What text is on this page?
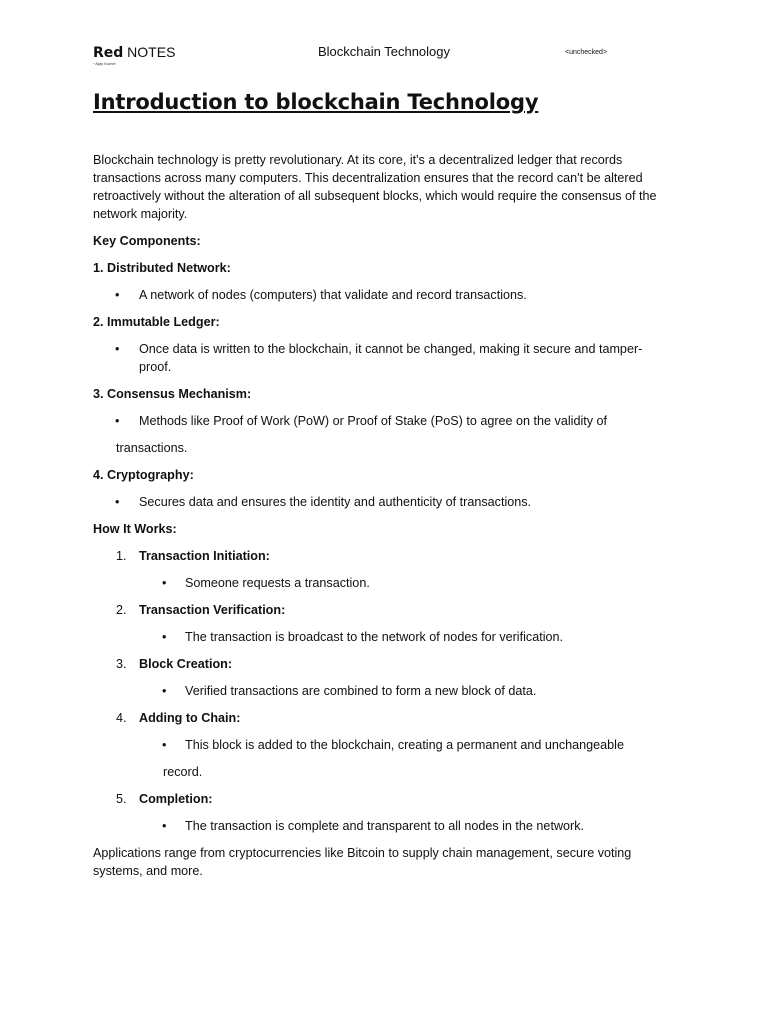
Red NOTES
~Ajay Kumel
Blockchain Technology	<unchecked>
Introduction to blockchain Technology

Blockchain technology is pretty revolutionary. At its core, it's a decentralized ledger that records transactions across many computers. This decentralization ensures that the record can't be altered retroactively without the alteration of all subsequent blocks, which would require the consensus of the network majority.

Key Components:

1. Distributed Network:

• A network of nodes (computers) that validate and record transactions.

2. Immutable Ledger:

• Once data is written to the blockchain, it cannot be changed, making it secure and tamper-proof.

3. Consensus Mechanism:

• Methods like Proof of Work (PoW) or Proof of Stake (PoS) to agree on the validity of

transactions.

4. Cryptography:

• Secures data and ensures the identity and authenticity of transactions.

How It Works:

1. Transaction Initiation:
• Someone requests a transaction.
2. Transaction Verification:
• The transaction is broadcast to the network of nodes for verification.
3. Block Creation:
• Verified transactions are combined to form a new block of data.
4. Adding to Chain:
• This block is added to the blockchain, creating a permanent and unchangeable

record.

5. Completion:
• The transaction is complete and transparent to all nodes in the network.

Applications range from cryptocurrencies like Bitcoin to supply chain management, secure voting systems, and more.
